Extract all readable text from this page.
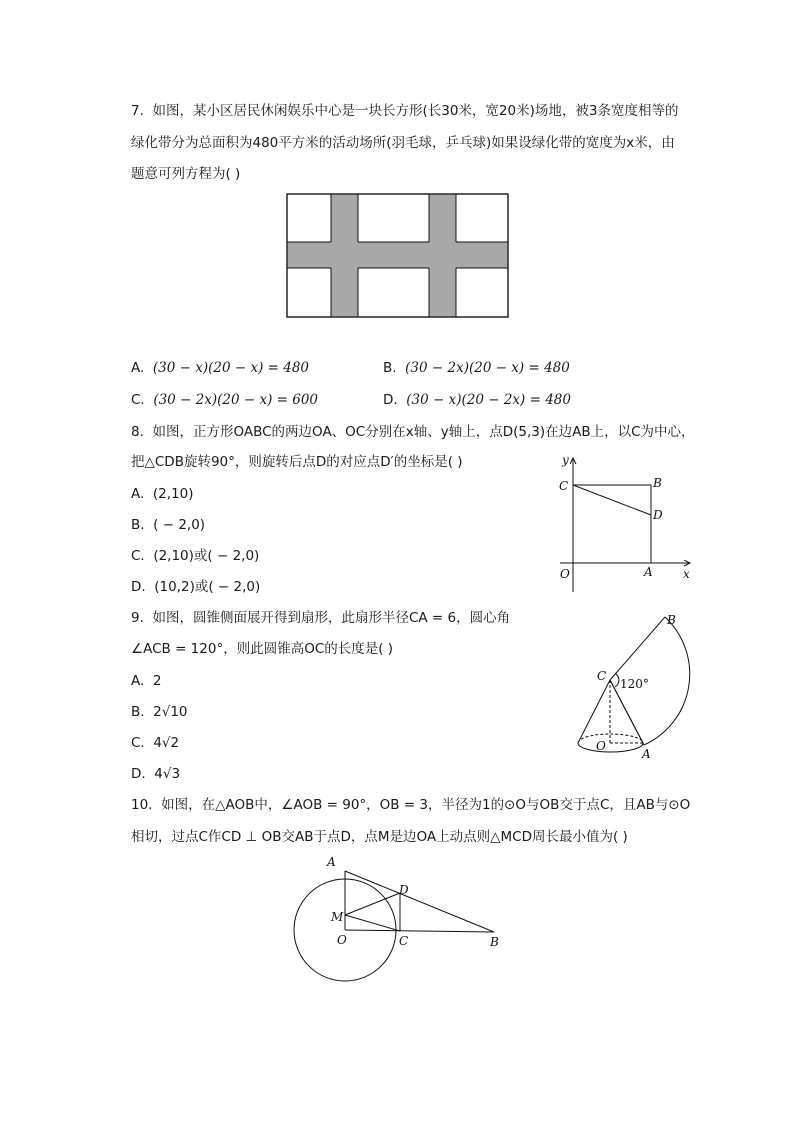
7. 如图，某小区居民休闲娱乐中心是一块长方形(长30米，宽20米)场地，被3条宽度相等的
绿化带分为总面积为480平方米的活动场所(羽毛球，乒乓球)如果设绿化带的宽度为x米，由
题意可列方程为( )
A. (30 − x)(20 − x) = 480	B. (30 − 2x)(20 − x) = 480
C. (30 − 2x)(20 − x) = 600	D. (30 − x)(20 − 2x) = 480
8. 如图，正方形OABC的两边OA、OC分别在x轴、y轴上，点D(5,3)在边AB上，以C为中心，
把△CDB旋转90°，则旋转后点D的对应点D′的坐标是( )
A. (2,10)
B. ( − 2,0)
C. (2,10)或( − 2,0)
D. (10,2)或( − 2,0)
y
C	B
D
O	A	x
9. 如图，圆锥侧面展开得到扇形，此扇形半径CA = 6，圆心角
∠ACB = 120°，则此圆锥高OC的长度是( )
A. 2
B. 2√10
C. 4√2
D. 4√3
B
C
120°
O
A
10. 如图，在△AOB中，∠AOB = 90°，OB = 3，半径为1的⊙O与OB交于点C，且AB与⊙O
相切，过点C作CD ⊥ OB交AB于点D，点M是边OA上动点则△MCD周长最小值为( )
A
D
M
O	C	B
